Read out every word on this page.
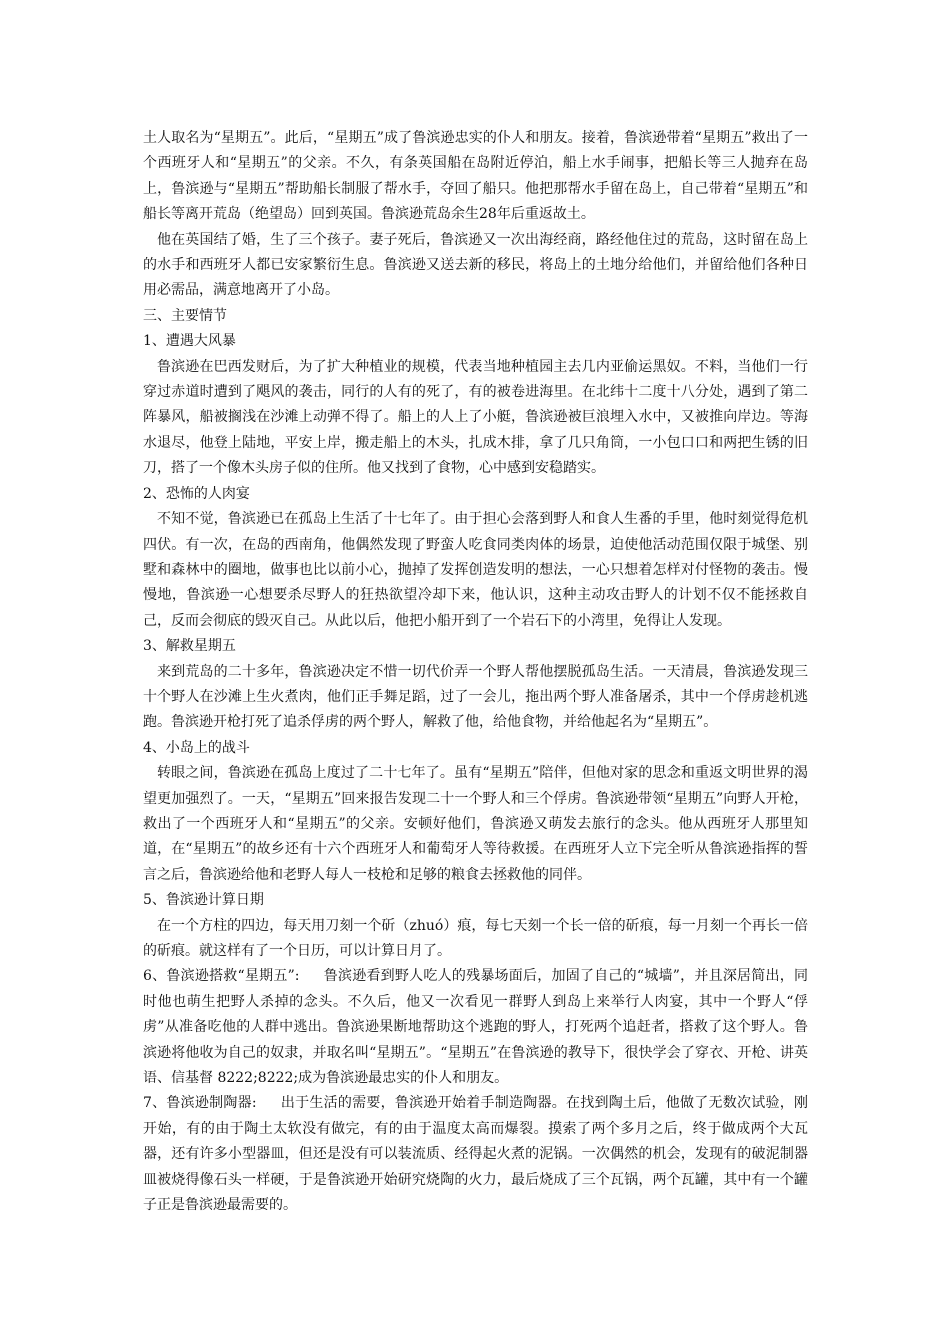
土人取名为“星期五”。此后，“星期五”成了鲁滨逊忠实的仆人和朋友。接着，鲁滨逊带着“星期五”救出了一个西班牙人和“星期五”的父亲。不久，有条英国船在岛附近停泊，船上水手闹事，把船长等三人抛弃在岛上，鲁滨逊与“星期五”帮助船长制服了帮水手，夺回了船只。他把那帮水手留在岛上，自己带着“星期五”和船长等离开荒岛（绝望岛）回到英国。鲁滨逊荒岛余生28年后重返故土。

他在英国结了婚，生了三个孩子。妻子死后，鲁滨逊又一次出海经商，路经他住过的荒岛，这时留在岛上的水手和西班牙人都已安家繁衍生息。鲁滨逊又送去新的移民，将岛上的土地分给他们，并留给他们各种日用必需品，满意地离开了小岛。

三、主要情节

1、遭遇大风暴

鲁滨逊在巴西发财后，为了扩大种植业的规模，代表当地种植园主去几内亚偷运黑奴。不料，当他们一行穿过赤道时遭到了飓风的袭击，同行的人有的死了，有的被卷进海里。在北纬十二度十八分处，遇到了第二阵暴风，船被搁浅在沙滩上动弹不得了。船上的人上了小艇，鲁滨逊被巨浪埋入水中，又被推向岸边。等海水退尽，他登上陆地，平安上岸，搬走船上的木头，扎成木排，拿了几只角筒，一小包口口和两把生锈的旧刀，搭了一个像木头房子似的住所。他又找到了食物，心中感到安稳踏实。

2、恐怖的人肉宴

不知不觉，鲁滨逊已在孤岛上生活了十七年了。由于担心会落到野人和食人生番的手里，他时刻觉得危机四伏。有一次，在岛的西南角，他偶然发现了野蛮人吃食同类肉体的场景，迫使他活动范围仅限于城堡、别墅和森林中的圈地，做事也比以前小心，抛掉了发挥创造发明的想法，一心只想着怎样对付怪物的袭击。慢慢地，鲁滨逊一心想要杀尽野人的狂热欲望冷却下来，他认识，这种主动攻击野人的计划不仅不能拯救自己，反而会彻底的毁灭自己。从此以后，他把小船开到了一个岩石下的小湾里，免得让人发现。

3、解救星期五

来到荒岛的二十多年，鲁滨逊决定不惜一切代价弄一个野人帮他摆脱孤岛生活。一天清晨，鲁滨逊发现三十个野人在沙滩上生火煮肉，他们正手舞足蹈，过了一会儿，拖出两个野人准备屠杀，其中一个俘虏趁机逃跑。鲁滨逊开枪打死了追杀俘虏的两个野人，解救了他，给他食物，并给他起名为“星期五”。

4、小岛上的战斗

转眼之间，鲁滨逊在孤岛上度过了二十七年了。虽有“星期五”陪伴，但他对家的思念和重返文明世界的渴望更加强烈了。一天，“星期五”回来报告发现二十一个野人和三个俘虏。鲁滨逊带领“星期五”向野人开枪，救出了一个西班牙人和“星期五”的父亲。安顿好他们，鲁滨逊又萌发去旅行的念头。他从西班牙人那里知道，在“星期五”的故乡还有十六个西班牙人和葡萄牙人等待救援。在西班牙人立下完全听从鲁滨逊指挥的誓言之后，鲁滨逊给他和老野人每人一枝枪和足够的粮食去拯救他的同伴。

5、鲁滨逊计算日期

在一个方柱的四边，每天用刀刻一个斫（zhuó）痕，每七天刻一个长一倍的斫痕，每一月刻一个再长一倍的斫痕。就这样有了一个日历，可以计算日月了。

6、鲁滨逊搭救“星期五”: 鲁滨逊看到野人吃人的残暴场面后，加固了自己的“城墙”，并且深居简出，同时他也萌生把野人杀掉的念头。不久后，他又一次看见一群野人到岛上来举行人肉宴，其中一个野人“俘虏”从准备吃他的人群中逃出。鲁滨逊果断地帮助这个逃跑的野人，打死两个追赶者，搭救了这个野人。鲁滨逊将他收为自己的奴隶，并取名叫“星期五”。“星期五”在鲁滨逊的教导下，很快学会了穿衣、开枪、讲英语、信基督 8222;8222;成为鲁滨逊最忠实的仆人和朋友。

7、鲁滨逊制陶器: 出于生活的需要，鲁滨逊开始着手制造陶器。在找到陶土后，他做了无数次试验，刚开始，有的由于陶土太软没有做完，有的由于温度太高而爆裂。摸索了两个多月之后，终于做成两个大瓦器，还有许多小型器皿，但还是没有可以装流质、经得起火煮的泥锅。一次偶然的机会，发现有的破泥制器皿被烧得像石头一样硬，于是鲁滨逊开始研究烧陶的火力，最后烧成了三个瓦锅，两个瓦罐，其中有一个罐子正是鲁滨逊最需要的。
